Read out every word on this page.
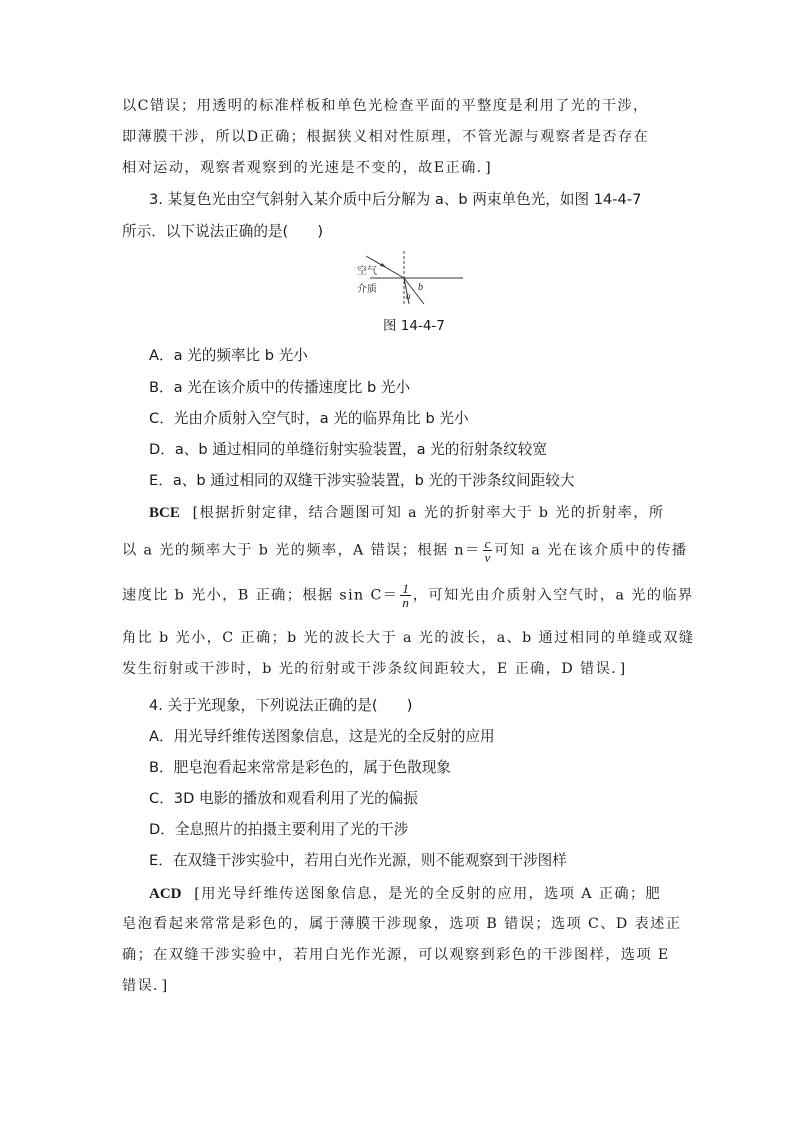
以C错误；用透明的标准样板和单色光检查平面的平整度是利用了光的干涉，
即薄膜干涉，所以D正确；根据狭义相对性原理，不管光源与观察者是否存在
相对运动，观察者观察到的光速是不变的，故E正确．]
3. 某复色光由空气斜射入某介质中后分解为 a、b 两束单色光，如图 14-4-7
所示．以下说法正确的是(　　)
空气
介质
a
b
图 14-4-7
A．a 光的频率比 b 光小
B．a 光在该介质中的传播速度比 b 光小
C．光由介质射入空气时，a 光的临界角比 b 光小
D．a、b 通过相同的单缝衍射实验装置，a 光的衍射条纹较宽
E．a、b 通过相同的双缝干涉实验装置，b 光的干涉条纹间距较大
BCE [根据折射定律，结合题图可知 a 光的折射率大于 b 光的折射率，所
以 a 光的频率大于 b 光的频率，A 错误；根据 $n= \frac{c}{v}$ 可知 a 光在该介质中的传播
速度比 b 光小，B 正确；根据 $\sin C= \frac{1}{n}$ ，可知光由介质射入空气时，a 光的临界
角比 b 光小，C 正确；b 光的波长大于 a 光的波长，a、b 通过相同的单缝或双缝
发生衍射或干涉时，b 光的衍射或干涉条纹间距较大，E 正确，D 错误．]
4. 关于光现象，下列说法正确的是(　　)
A．用光导纤维传送图象信息，这是光的全反射的应用
B．肥皂泡看起来常常是彩色的，属于色散现象
C．3D 电影的播放和观看利用了光的偏振
D．全息照片的拍摄主要利用了光的干涉
E．在双缝干涉实验中，若用白光作光源，则不能观察到干涉图样
ACD [用光导纤维传送图象信息，是光的全反射的应用，选项 A 正确；肥
皂泡看起来常常是彩色的，属于薄膜干涉现象，选项 B 错误；选项 C、D 表述正
确；在双缝干涉实验中，若用白光作光源，可以观察到彩色的干涉图样，选项 E
错误．]
